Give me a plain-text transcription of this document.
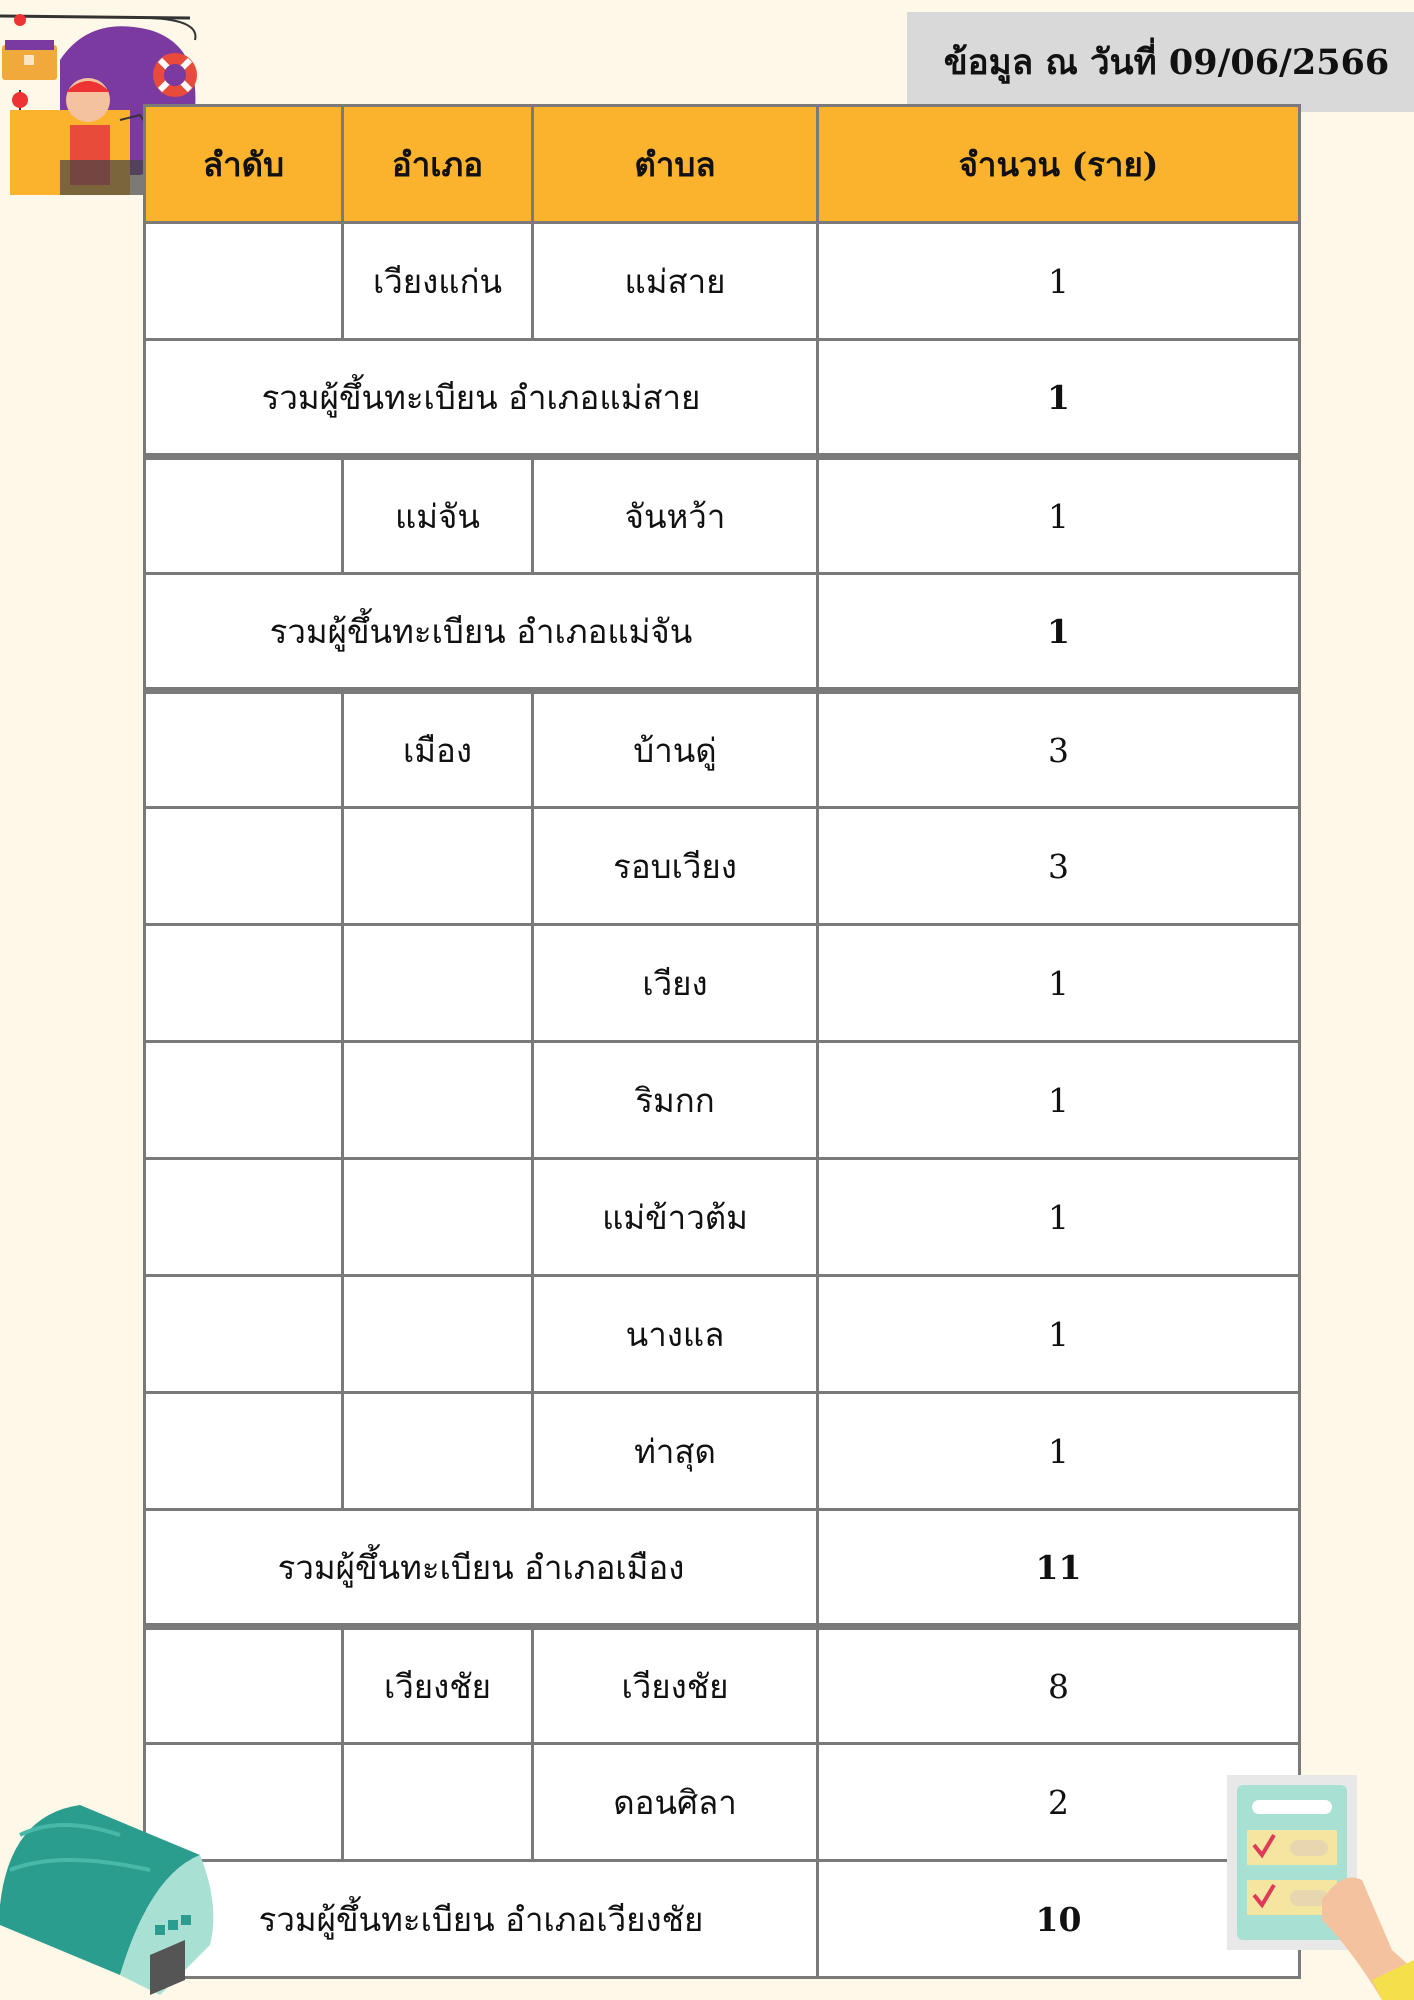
ข้อมูล ณ วันที่ 09/06/2566
ลำดับ	อำเภอ	ตำบล	จำนวน (ราย)
	เวียงแก่น	แม่สาย	1
รวมผู้ขึ้นทะเบียน อำเภอแม่สาย			1
	แม่จัน	จันหว้า	1
รวมผู้ขึ้นทะเบียน อำเภอแม่จัน			1
	เมือง	บ้านดู่	3
		รอบเวียง	3
		เวียง	1
		ริมกก	1
		แม่ข้าวต้ม	1
		นางแล	1
		ท่าสุด	1
รวมผู้ขึ้นทะเบียน อำเภอเมือง			11
	เวียงชัย	เวียงชัย	8
		ดอนศิลา	2
รวมผู้ขึ้นทะเบียน อำเภอเวียงชัย			10
